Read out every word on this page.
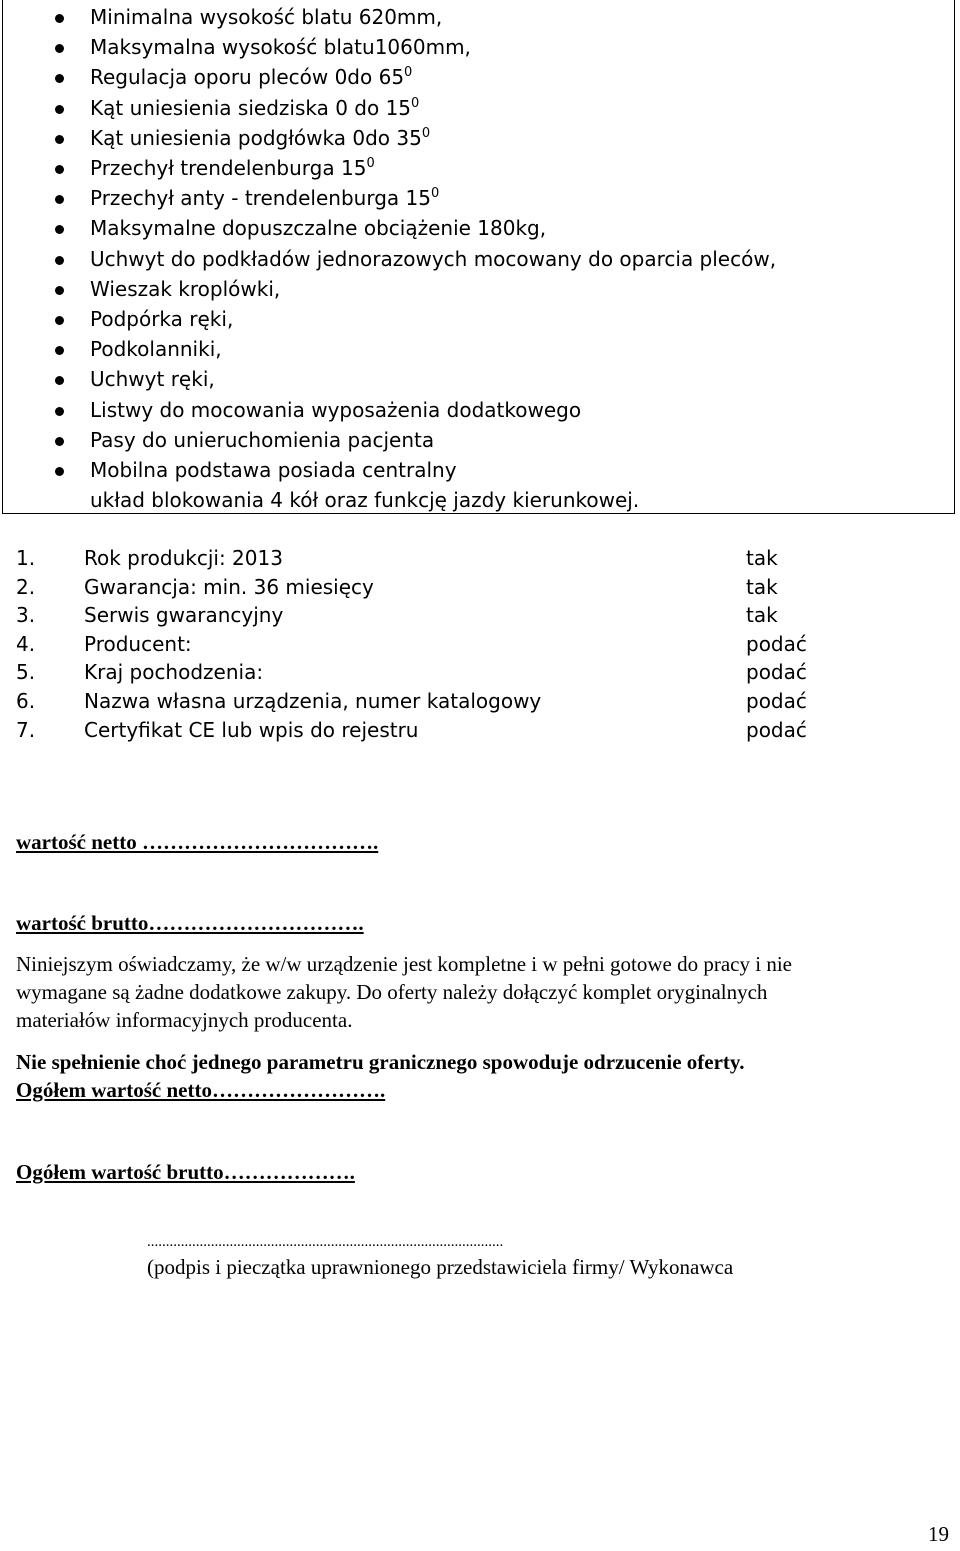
Minimalna wysokość blatu 620mm,
Maksymalna wysokość blatu1060mm,
Regulacja oporu pleców 0do $65^0$
Kąt uniesienia siedziska 0 do $15^0$
Kąt uniesienia podgłówka 0do $35^0$
Przechył trendelenburga $15^0$
Przechył anty - trendelenburga $15^0$
Maksymalne dopuszczalne obciążenie 180kg,
Uchwyt do podkładów jednorazowych mocowany do oparcia pleców,
Wieszak kroplówki,
Podpórka ręki,
Podkolanniki,
Uchwyt ręki,
Listwy do mocowania wyposażenia dodatkowego
Pasy do unieruchomienia pacjenta
Mobilna podstawa posiada centralny
układ blokowania 4 kół oraz funkcję jazdy kierunkowej.
1. Rok produkcji: 2013	tak
2. Gwarancja: min. 36 miesięcy	tak
3. Serwis gwarancyjny	tak
4. Producent:	podać
5. Kraj pochodzenia:	podać
6. Nazwa własna urządzenia, numer katalogowy	podać
7. Certyfikat CE lub wpis do rejestru	podać
wartość netto …………………………….
wartość brutto………………………….
Niniejszym oświadczamy, że w/w urządzenie jest kompletne i w pełni gotowe do pracy i nie
wymagane są żadne dodatkowe zakupy. Do oferty należy dołączyć komplet oryginalnych
materiałów informacyjnych producenta.
Nie spełnienie choć jednego parametru granicznego spowoduje odrzucenie oferty.
Ogółem wartość netto…………………….
Ogółem wartość brutto……………….
...............................................................................................
(podpis i pieczątka uprawnionego przedstawiciela firmy/ Wykonawca
19
